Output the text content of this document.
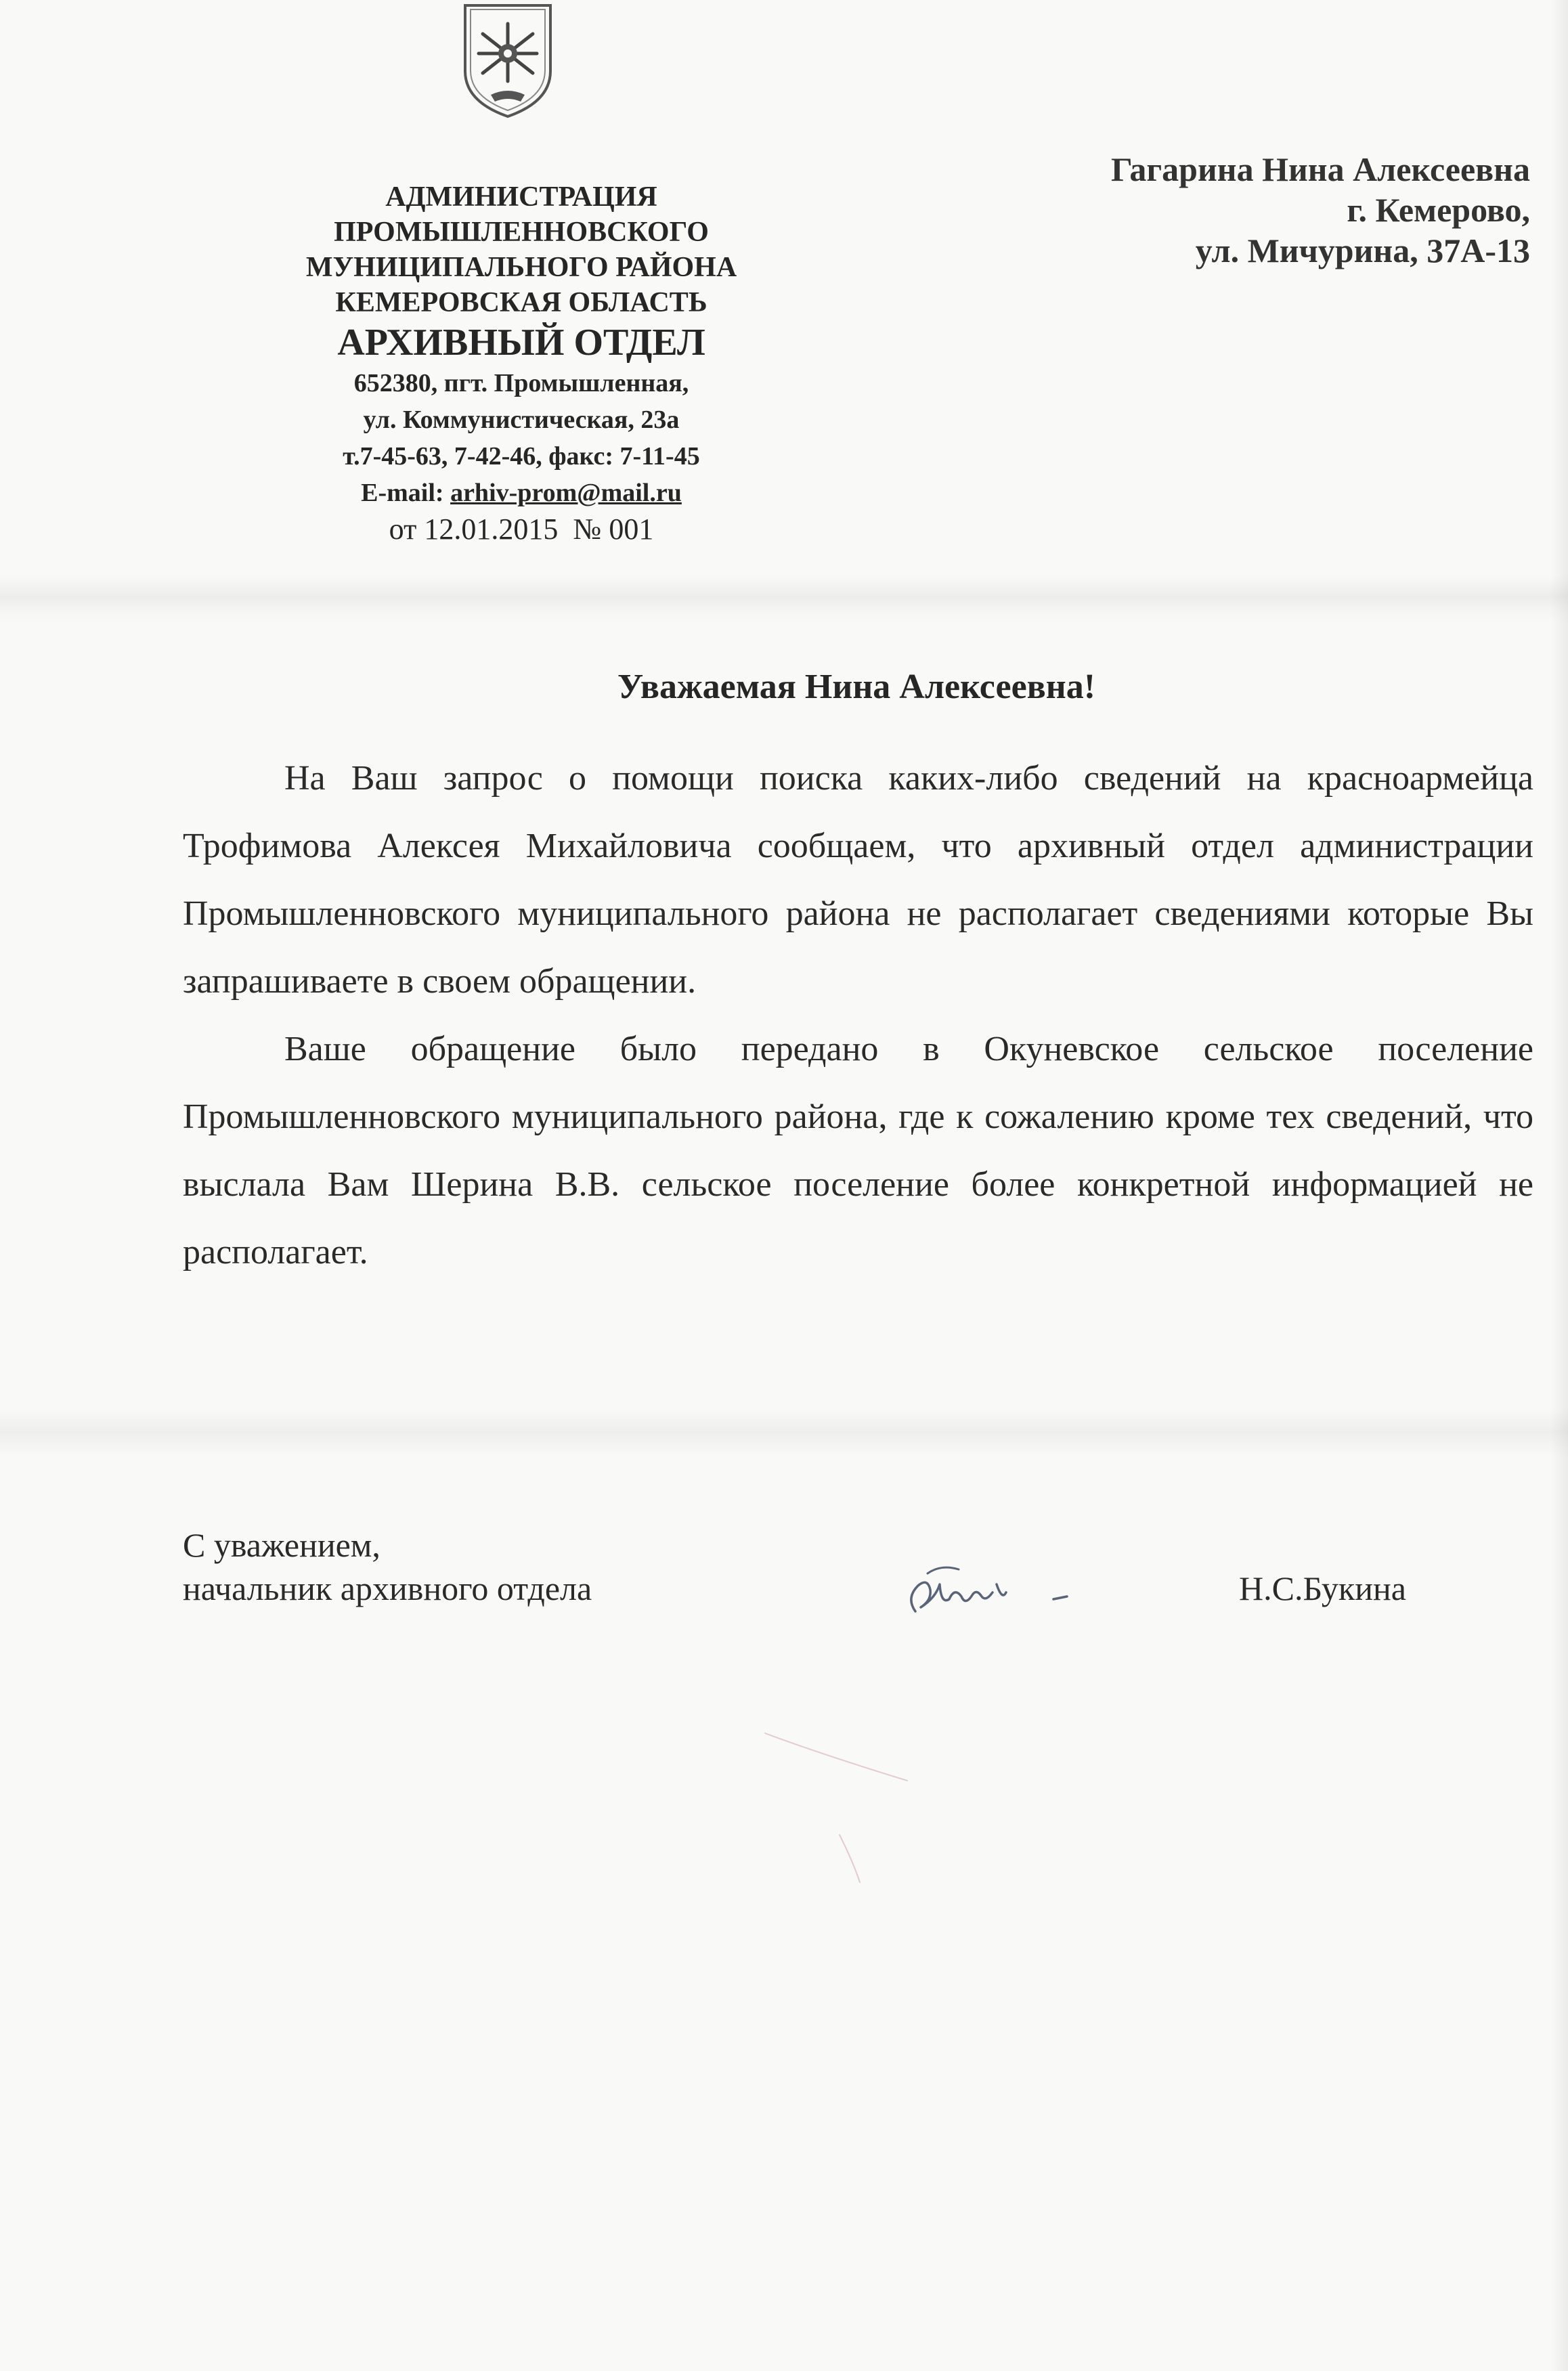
АДМИНИСТРАЦИЯ
ПРОМЫШЛЕННОВСКОГО
МУНИЦИПАЛЬНОГО РАЙОНА
КЕМЕРОВСКАЯ ОБЛАСТЬ
АРХИВНЫЙ ОТДЕЛ
652380, пгт. Промышленная,
ул. Коммунистическая, 23а
т.7-45-63, 7-42-46, факс: 7-11-45
E-mail: arhiv-prom@mail.ru
от 12.01.2015 № 001
Гагарина Нина Алексеевна
г. Кемерово,
ул. Мичурина, 37А-13
Уважаемая Нина Алексеевна!

На Ваш запрос о помощи поиска каких-либо сведений на красноармейца Трофимова Алексея Михайловича сообщаем, что архивный отдел администрации Промышленновского муниципального района не располагает сведениями которые Вы запрашиваете в своем обращении.

Ваше обращение было передано в Окуневское сельское поселение Промышленновского муниципального района, где к сожалению кроме тех сведений, что выслала Вам Шерина В.В. сельское поселение более конкретной информацией не располагает.

С уважением,
начальник архивного отдела	Н.С.Букина
